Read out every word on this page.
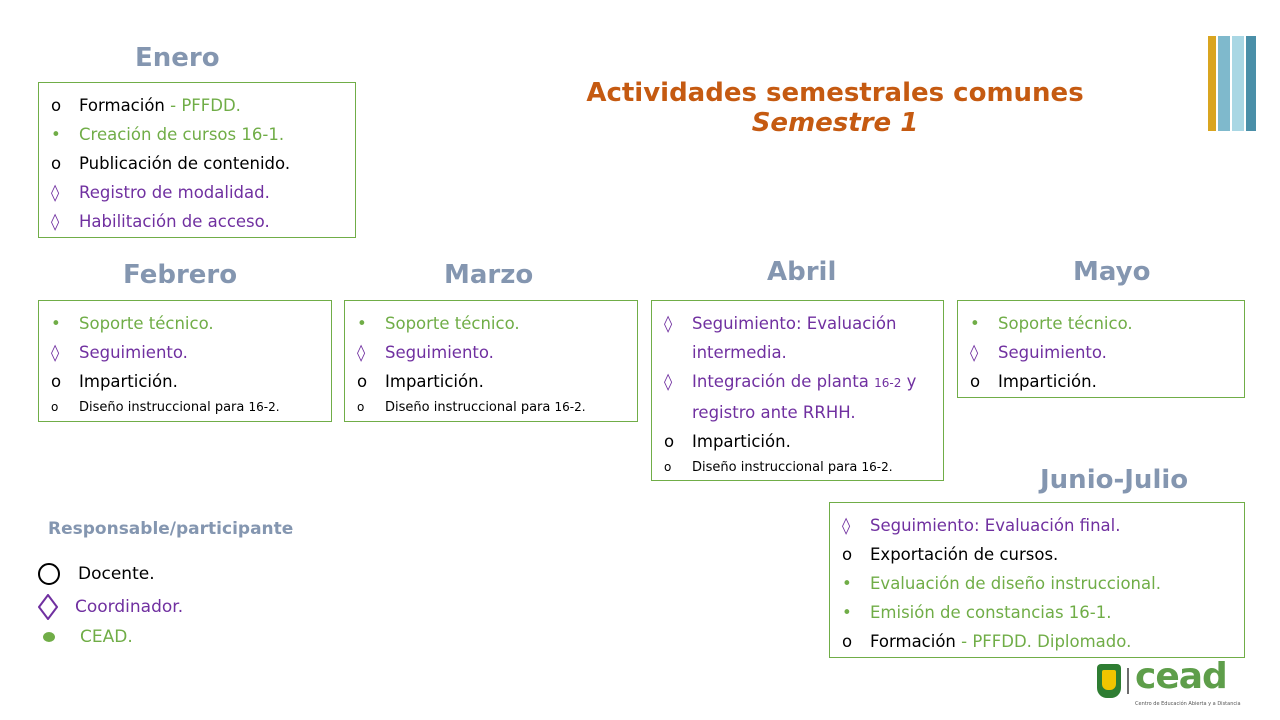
Actividades semestrales comunes
Semestre 1
Enero
o	Formación - PFFDD.
•	Creación de cursos 16-1.
o	Publicación de contenido.
◊	Registro de modalidad.
◊	Habilitación de acceso.
Febrero
•	Soporte técnico.
◊	Seguimiento.
o	Impartición.
o	Diseño instruccional para 16-2.
Marzo
•	Soporte técnico.
◊	Seguimiento.
o	Impartición.
o	Diseño instruccional para 16-2.
Abril
◊	Seguimiento: Evaluación intermedia.
◊	Integración de planta 16-2 y registro ante RRHH.
o	Impartición.
o	Diseño instruccional para 16-2.
Mayo
•	Soporte técnico.
◊	Seguimiento.
o	Impartición.
Junio-Julio
◊	Seguimiento: Evaluación final.
o	Exportación de cursos.
•	Evaluación de diseño instruccional.
•	Emisión de constancias 16-1.
o	Formación - PFFDD. Diplomado.
Responsable/participante
Docente.
Coordinador.
CEAD.
cead
Centro de Educación Abierta y a Distancia
